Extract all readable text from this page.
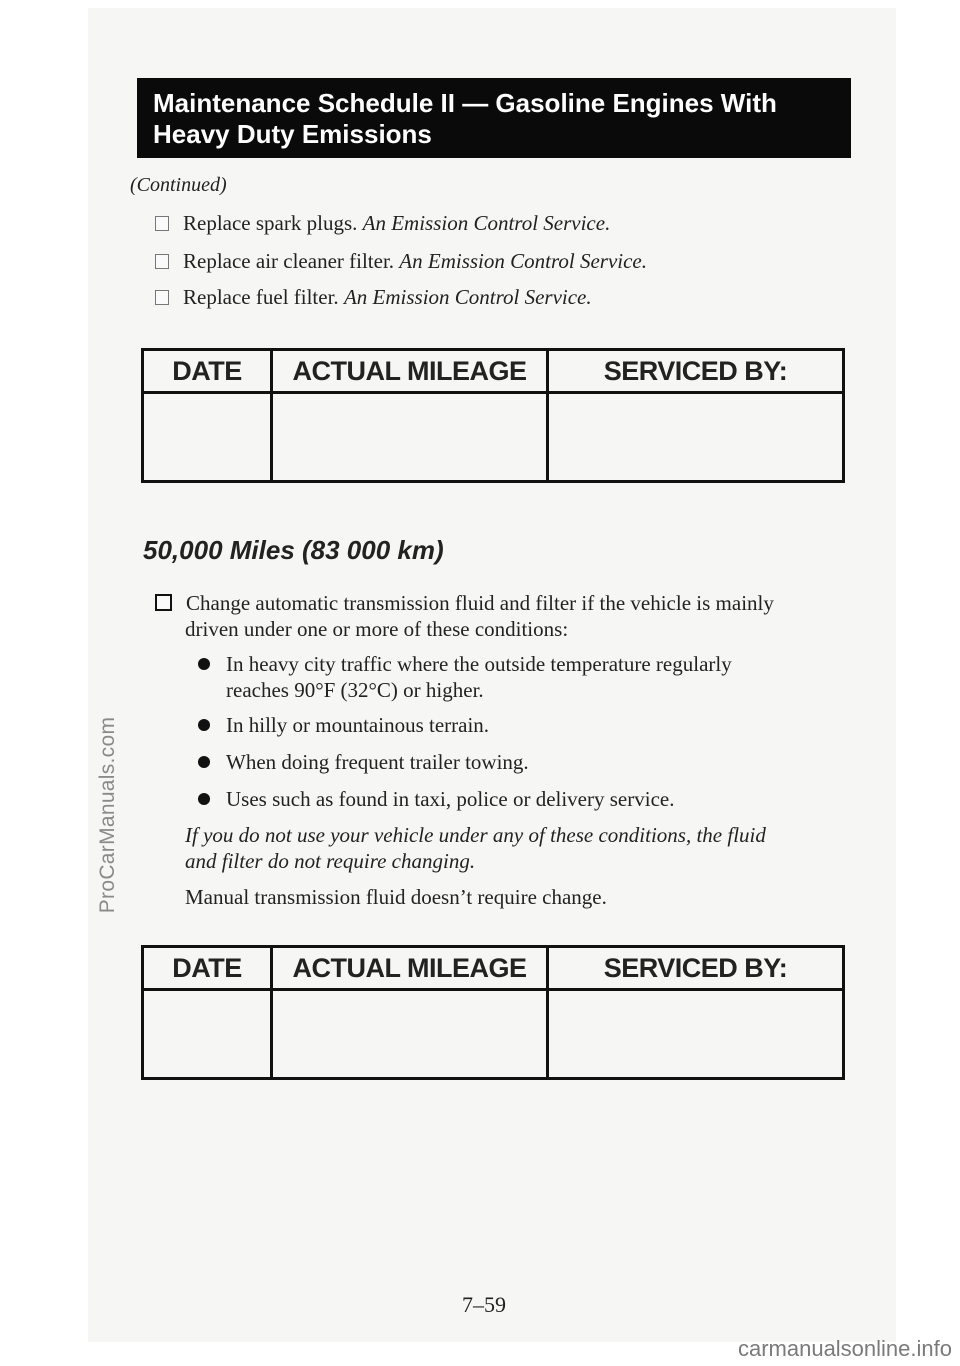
ProCarManuals.com
Maintenance Schedule II — Gasoline Engines With
Heavy Duty Emissions
(Continued)
Replace spark plugs. An Emission Control Service.
Replace air cleaner filter. An Emission Control Service.
Replace fuel filter. An Emission Control Service.
DATE	ACTUAL MILEAGE	SERVICED BY:

50,000 Miles (83 000 km)
Change automatic transmission fluid and filter if the vehicle is mainly
driven under one or more of these conditions:
In heavy city traffic where the outside temperature regularly
reaches 90°F (32°C) or higher.
In hilly or mountainous terrain.
When doing frequent trailer towing.
Uses such as found in taxi, police or delivery service.
If you do not use your vehicle under any of these conditions, the fluid
and filter do not require changing.
Manual transmission fluid doesn’t require change.
DATE	ACTUAL MILEAGE	SERVICED BY:

7–59
carmanualsonline.info
